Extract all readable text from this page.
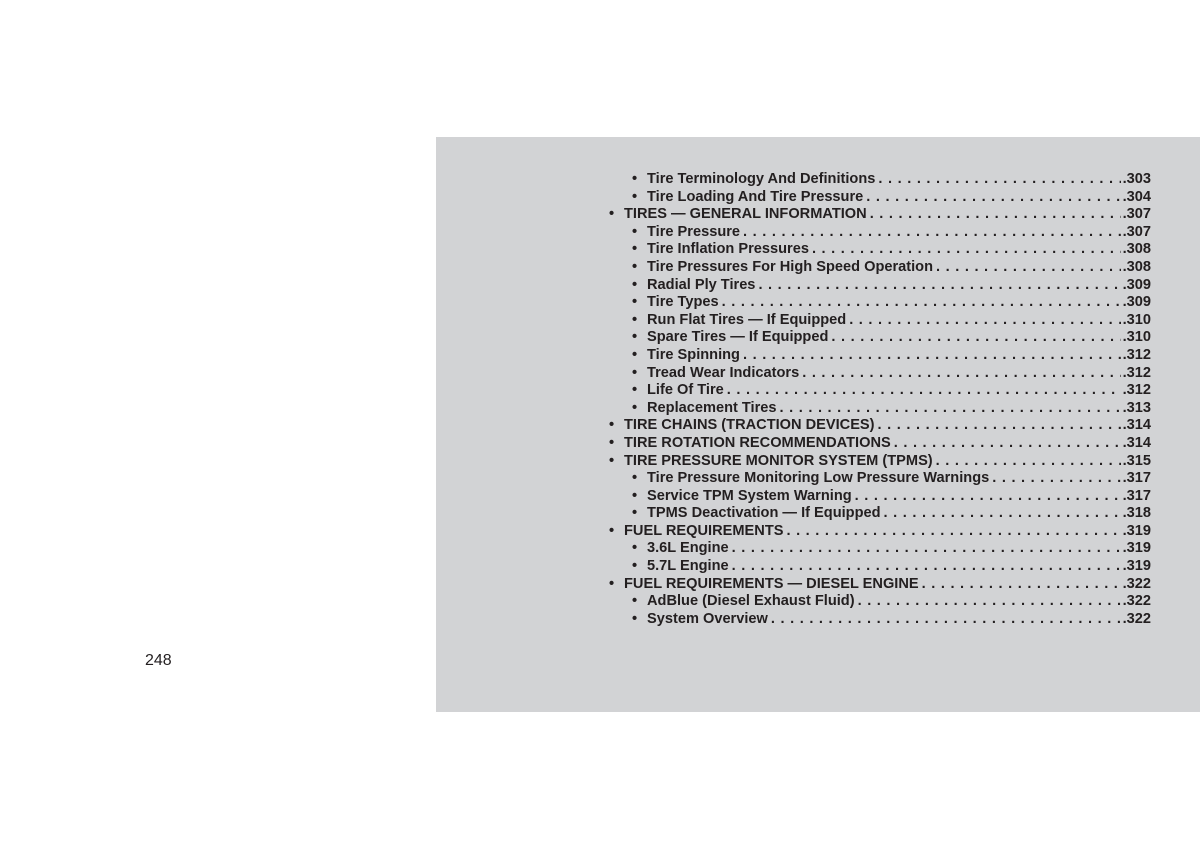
• Tire Terminology And Definitions . . .	.303
• Tire Loading And Tire Pressure . . .	.304
• TIRES — GENERAL INFORMATION . . .	.307
• Tire Pressure . . .	.307
• Tire Inflation Pressures . . .	.308
• Tire Pressures For High Speed Operation . . .	.308
• Radial Ply Tires . . .	.309
• Tire Types . . .	.309
• Run Flat Tires — If Equipped . . .	.310
• Spare Tires — If Equipped . . .	.310
• Tire Spinning . . .	.312
• Tread Wear Indicators . . .	.312
• Life Of Tire . . .	.312
• Replacement Tires . . .	.313
• TIRE CHAINS (TRACTION DEVICES) . . .	.314
• TIRE ROTATION RECOMMENDATIONS . . .	.314
• TIRE PRESSURE MONITOR SYSTEM (TPMS) . . .	.315
• Tire Pressure Monitoring Low Pressure Warnings . . .	.317
• Service TPM System Warning . . .	.317
• TPMS Deactivation — If Equipped . . .	.318
• FUEL REQUIREMENTS . . .	.319
• 3.6L Engine . . .	.319
• 5.7L Engine . . .	.319
• FUEL REQUIREMENTS — DIESEL ENGINE . . .	.322
• AdBlue (Diesel Exhaust Fluid) . . .	.322
• System Overview . . .	.322
248
